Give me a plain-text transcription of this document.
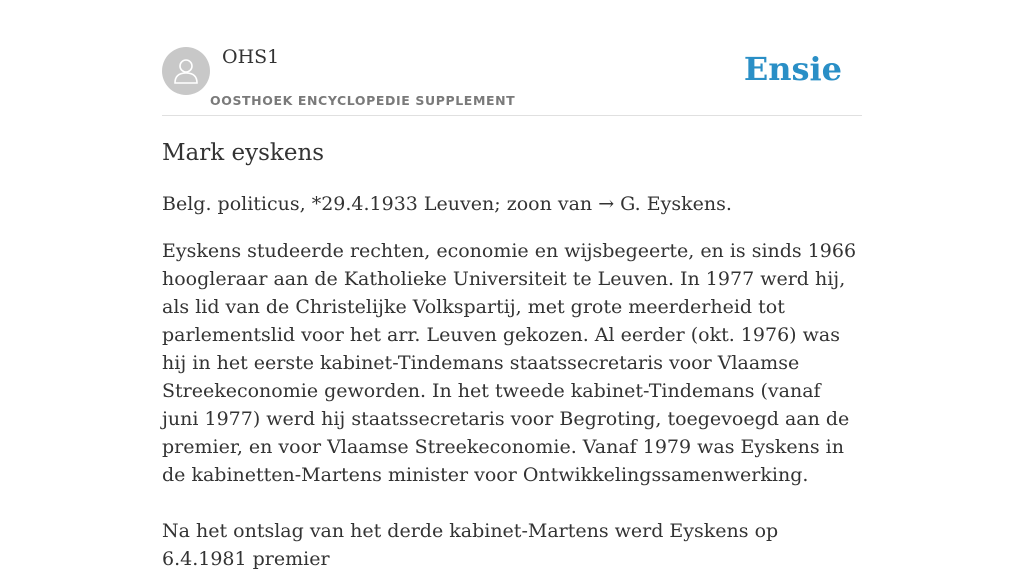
OHS1
OOSTHOEK ENCYCLOPEDIE SUPPLEMENT
Ensie
Mark eyskens

Belg. politicus, *29.4.1933 Leuven; zoon van → G. Eyskens.

Eyskens studeerde rechten, economie en wijsbegeerte, en is sinds 1966 hoogleraar aan de Katholieke Universiteit te Leuven. In 1977 werd hij, als lid van de Christelijke Volkspartij, met grote meerderheid tot parlementslid voor het arr. Leuven gekozen. Al eerder (okt. 1976) was hij in het eerste kabinet-Tindemans staatssecretaris voor Vlaamse Streekeconomie geworden. In het tweede kabinet-Tindemans (vanaf juni 1977) werd hij staatssecretaris voor Begroting, toegevoegd aan de premier, en voor Vlaamse Streekeconomie. Vanaf 1979 was Eyskens in de kabinetten-Martens minister voor Ontwikkelingssamenwerking.

Na het ontslag van het derde kabinet-Martens werd Eyskens op 6.4.1981 premier
